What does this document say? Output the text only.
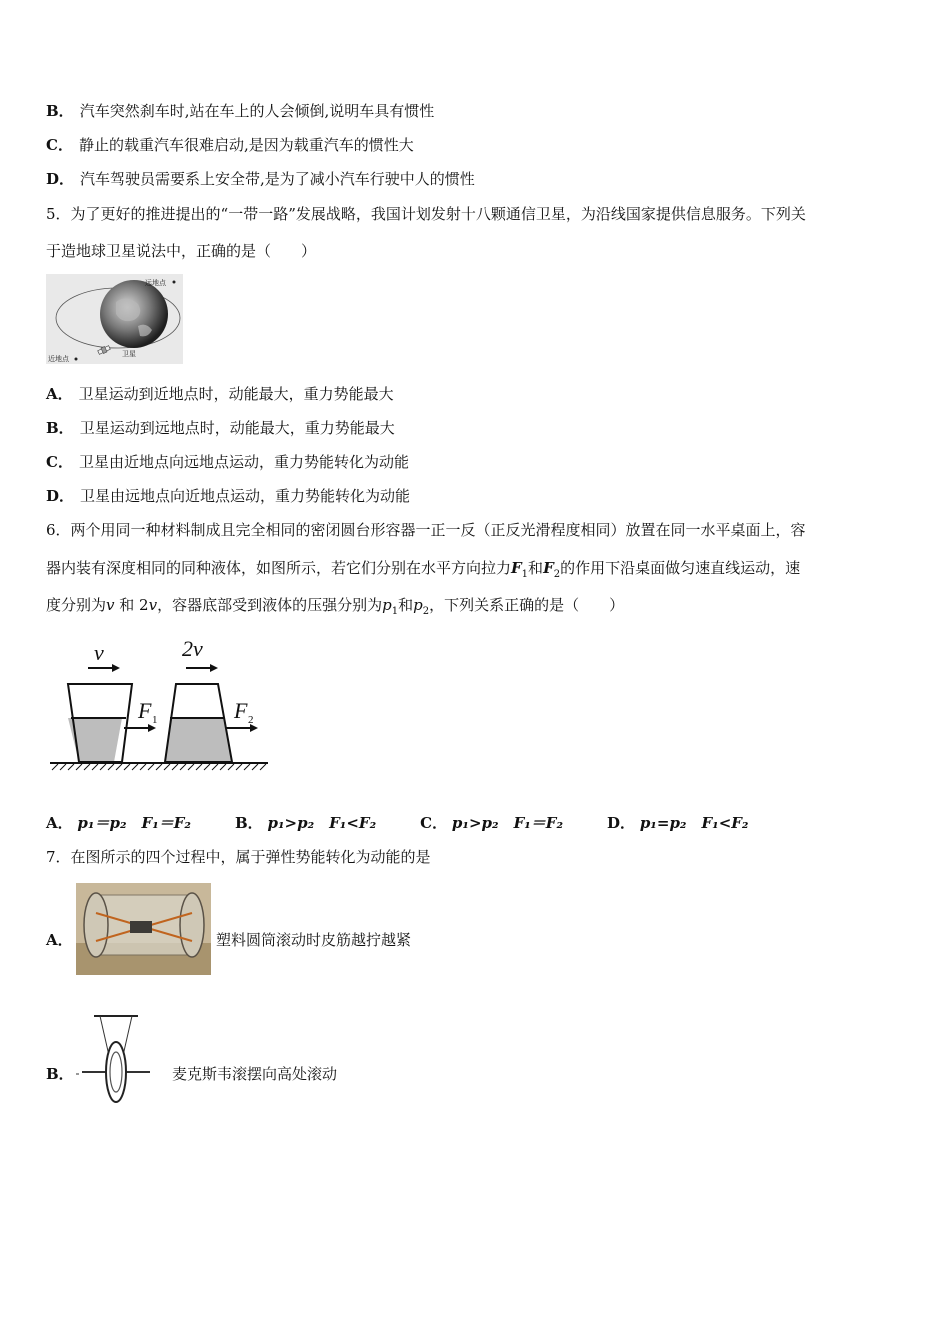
B． 汽车突然刹车时,站在车上的人会倾倒,说明车具有惯性
C． 静止的载重汽车很难启动,是因为载重汽车的惯性大
D． 汽车驾驶员需要系上安全带,是为了减小汽车行驶中人的惯性
5．为了更好的推进提出的“一带一路”发展战略，我国计划发射十八颗通信卫星，为沿线国家提供信息服务。下列关
于造地球卫星说法中，正确的是（　　）
远地点
近地点
卫星
A． 卫星运动到近地点时，动能最大，重力势能最大
B． 卫星运动到远地点时，动能最大，重力势能最大
C． 卫星由近地点向远地点运动，重力势能转化为动能
D． 卫星由远地点向近地点运动，重力势能转化为动能
6．两个用同一种材料制成且完全相同的密闭圆台形容器一正一反（正反光滑程度相同）放置在同一水平桌面上，容
器内装有深度相同的同种液体，如图所示，若它们分别在水平方向拉力$F_1$和$F_2$的作用下沿桌面做匀速直线运动，速
度分别为v 和 2v，容器底部受到液体的压强分别为$p_1$和$p_2$，下列关系正确的是（　　）
v	2v
F 1	F 2
A． p₁＝p₂　F₁＝F₂	B． p₁>p₂　F₁<F₂	C． p₁>p₂　F₁＝F₂	D． p₁=p₂　F₁<F₂
7．在图所示的四个过程中，属于弹性势能转化为动能的是
A．	塑料圆筒滚动时皮筋越拧越紧
B．	麦克斯韦滚摆向高处滚动
